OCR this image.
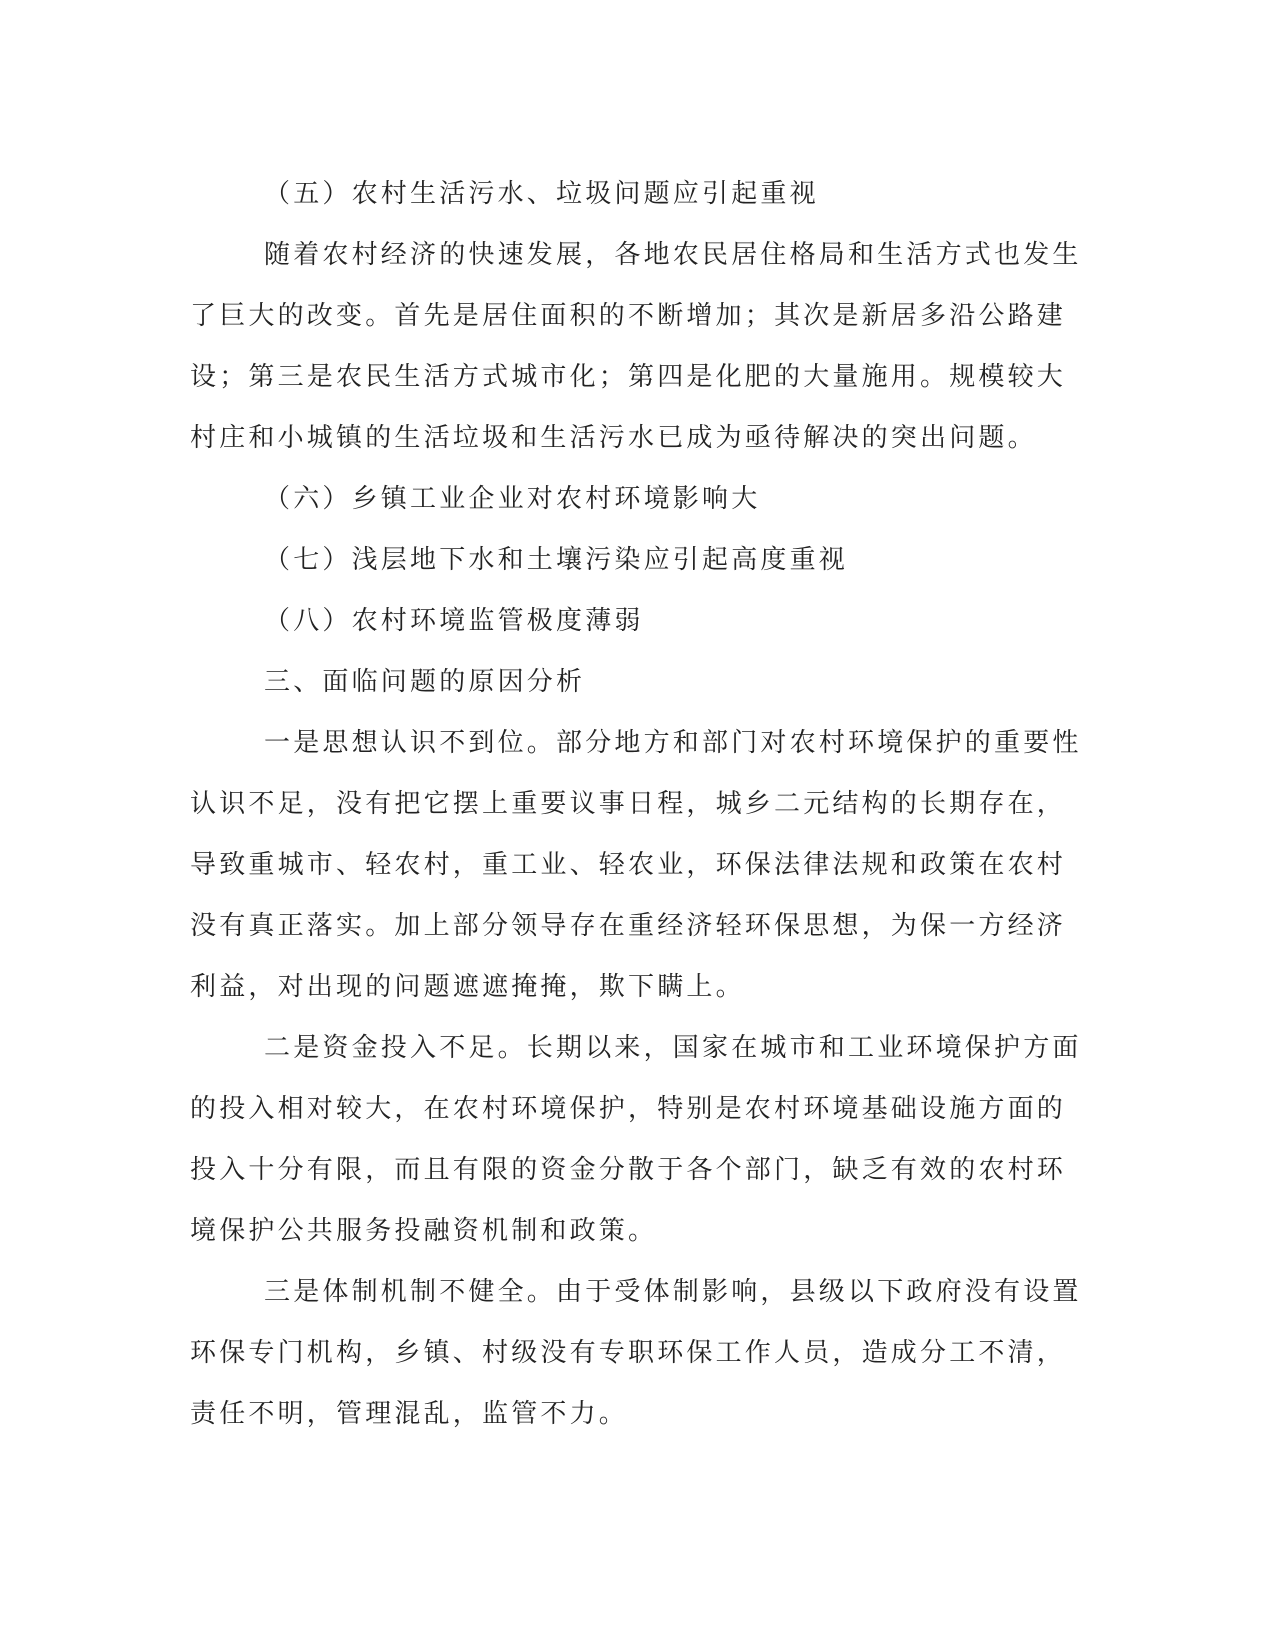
（五）农村生活污水、垃圾问题应引起重视

随着农村经济的快速发展，各地农民居住格局和生活方式也发生
了巨大的改变。首先是居住面积的不断增加；其次是新居多沿公路建
设；第三是农民生活方式城市化；第四是化肥的大量施用。规模较大
村庄和小城镇的生活垃圾和生活污水已成为亟待解决的突出问题。

（六）乡镇工业企业对农村环境影响大

（七）浅层地下水和土壤污染应引起高度重视

（八）农村环境监管极度薄弱

三、面临问题的原因分析

一是思想认识不到位。部分地方和部门对农村环境保护的重要性
认识不足，没有把它摆上重要议事日程，城乡二元结构的长期存在，
导致重城市、轻农村，重工业、轻农业，环保法律法规和政策在农村
没有真正落实。加上部分领导存在重经济轻环保思想，为保一方经济
利益，对出现的问题遮遮掩掩，欺下瞒上。

二是资金投入不足。长期以来，国家在城市和工业环境保护方面
的投入相对较大，在农村环境保护，特别是农村环境基础设施方面的
投入十分有限，而且有限的资金分散于各个部门，缺乏有效的农村环
境保护公共服务投融资机制和政策。

三是体制机制不健全。由于受体制影响，县级以下政府没有设置
环保专门机构，乡镇、村级没有专职环保工作人员，造成分工不清，
责任不明，管理混乱，监管不力。
